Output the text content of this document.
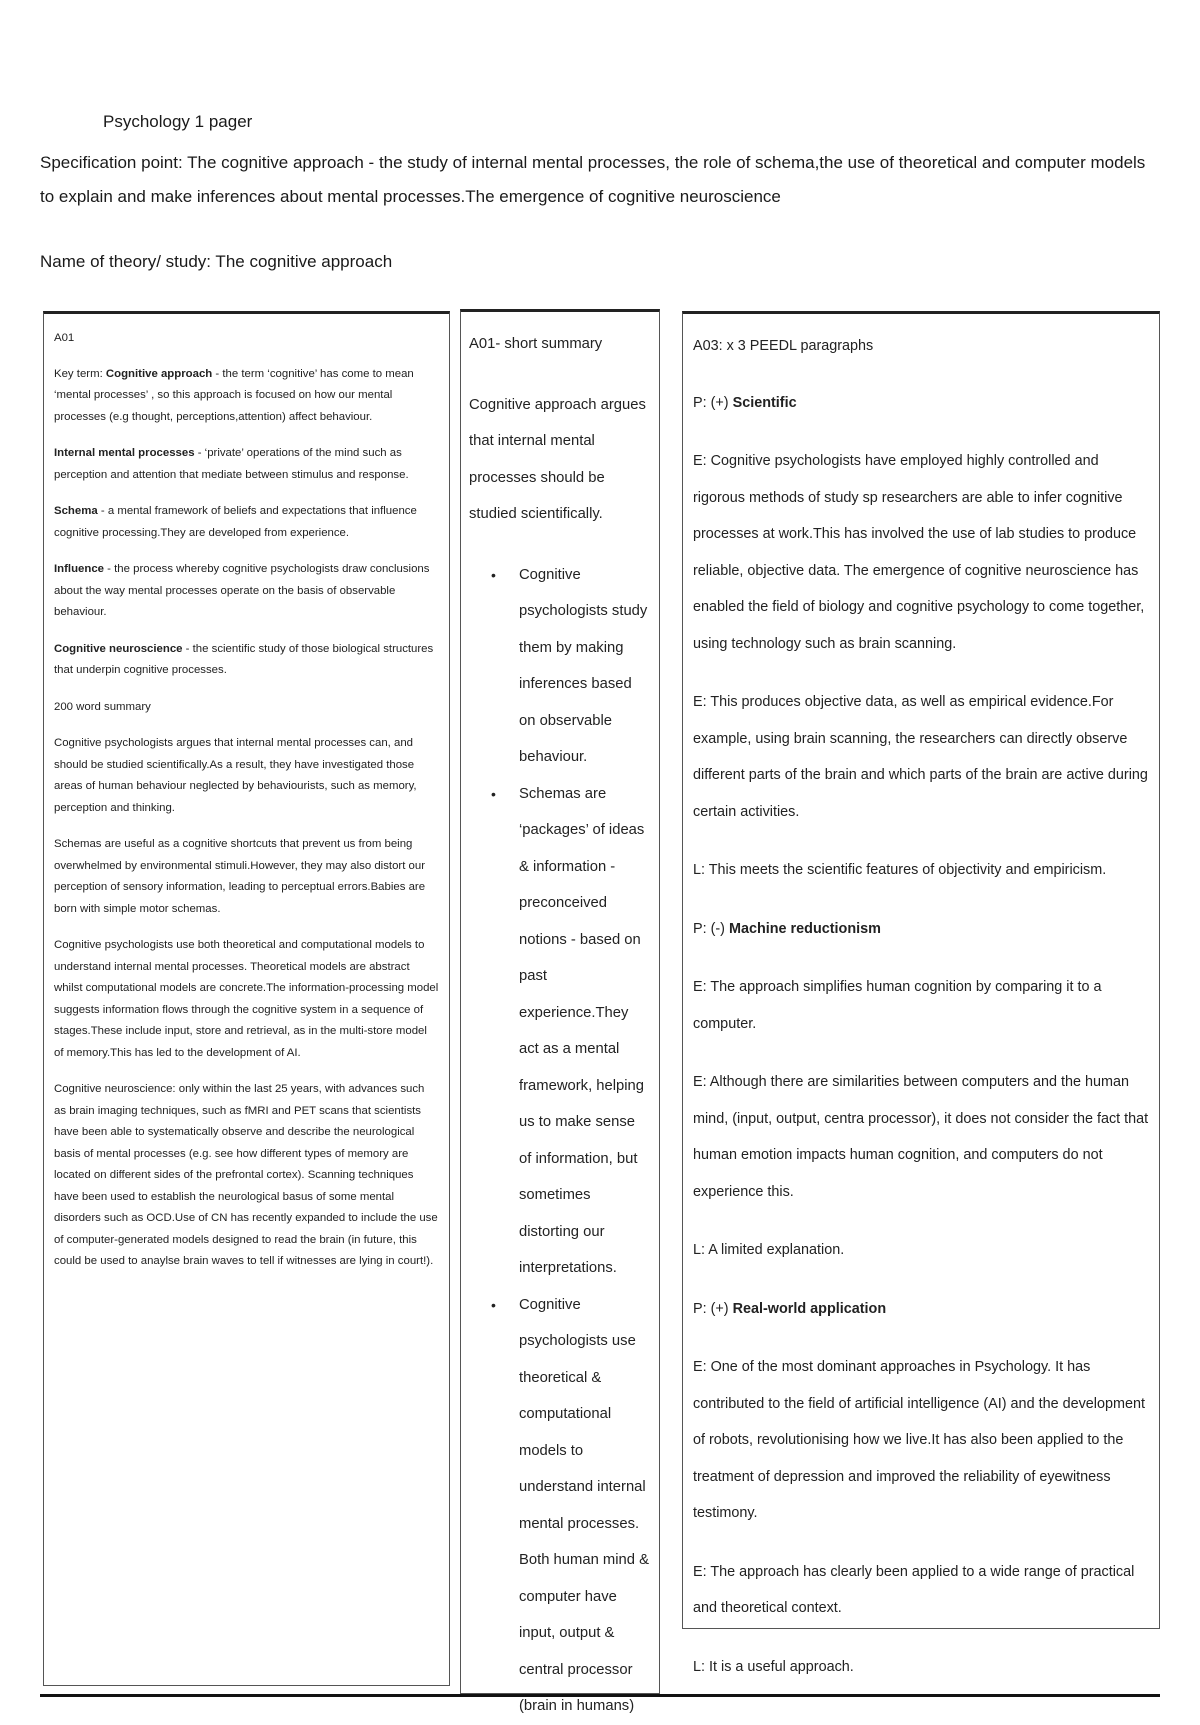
Psychology 1 pager
Specification point: The cognitive approach - the study of internal mental processes, the role of schema,the use of theoretical and computer models to explain and make inferences about mental processes.The emergence of cognitive neuroscience
Name of theory/ study: The cognitive approach

A01

Key term: Cognitive approach - the term ‘cognitive’ has come to mean ‘mental processes’ , so this approach is focused on how our mental processes (e.g thought, perceptions,attention) affect behaviour.

Internal mental processes - ‘private’ operations of the mind such as perception and attention that mediate between stimulus and response.

Schema - a mental framework of beliefs and expectations that influence cognitive processing.They are developed from experience.

Influence - the process whereby cognitive psychologists draw conclusions about the way mental processes operate on the basis of observable behaviour.

Cognitive neuroscience - the scientific study of those biological structures that underpin cognitive processes.

200 word summary

Cognitive psychologists argues that internal mental processes can, and should be studied scientifically.As a result, they have investigated those areas of human behaviour neglected by behaviourists, such as memory, perception and thinking.

Schemas are useful as a cognitive shortcuts that prevent us from being overwhelmed by environmental stimuli.However, they may also distort our perception of sensory information, leading to perceptual errors.Babies are born with simple motor schemas.

Cognitive psychologists use both theoretical and computational models to understand internal mental processes. Theoretical models are abstract whilst computational models are concrete.The information-processing model suggests information flows through the cognitive system in a sequence of stages.These include input, store and retrieval, as in the multi-store model of memory.This has led to the development of AI.

Cognitive neuroscience: only within the last 25 years, with advances such as brain imaging techniques, such as fMRI and PET scans that scientists have been able to systematically observe and describe the neurological basis of mental processes (e.g. see how different types of memory are located on different sides of the prefrontal cortex). Scanning techniques have been used to establish the neurological basus of some mental disorders such as OCD.Use of CN has recently expanded to include the use of computer-generated models designed to read the brain (in future, this could be used to anaylse brain waves to tell if witnesses are lying in court!).

A01- short summary

Cognitive approach argues that internal mental processes should be studied scientifically.

• Cognitive psychologists study them by making inferences based on observable behaviour.
• Schemas are ‘packages’ of ideas & information - preconceived notions - based on past experience.They act as a mental framework, helping us to make sense of information, but sometimes distorting our interpretations.
• Cognitive psychologists use theoretical & computational models to understand internal mental processes. Both human mind & computer have input, output & central processor (brain in humans)

A03: x 3 PEEDL paragraphs

P: (+) Scientific

E: Cognitive psychologists have employed highly controlled and rigorous methods of study sp researchers are able to infer cognitive processes at work.This has involved the use of lab studies to produce reliable, objective data. The emergence of cognitive neuroscience has enabled the field of biology and cognitive psychology to come together, using technology such as brain scanning.

E: This produces objective data, as well as empirical evidence.For example, using brain scanning, the researchers can directly observe different parts of the brain and which parts of the brain are active during certain activities.

L: This meets the scientific features of objectivity and empiricism.

P: (-) Machine reductionism

E: The approach simplifies human cognition by comparing it to a computer.

E: Although there are similarities between computers and the human mind, (input, output, centra processor), it does not consider the fact that human emotion impacts human cognition, and computers do not experience this.

L: A limited explanation.

P: (+) Real-world application

E: One of the most dominant approaches in Psychology. It has contributed to the field of artificial intelligence (AI) and the development of robots, revolutionising how we live.It has also been applied to the treatment of depression and improved the reliability of eyewitness testimony.

E: The approach has clearly been applied to a wide range of practical and theoretical context.

L: It is a useful approach.
